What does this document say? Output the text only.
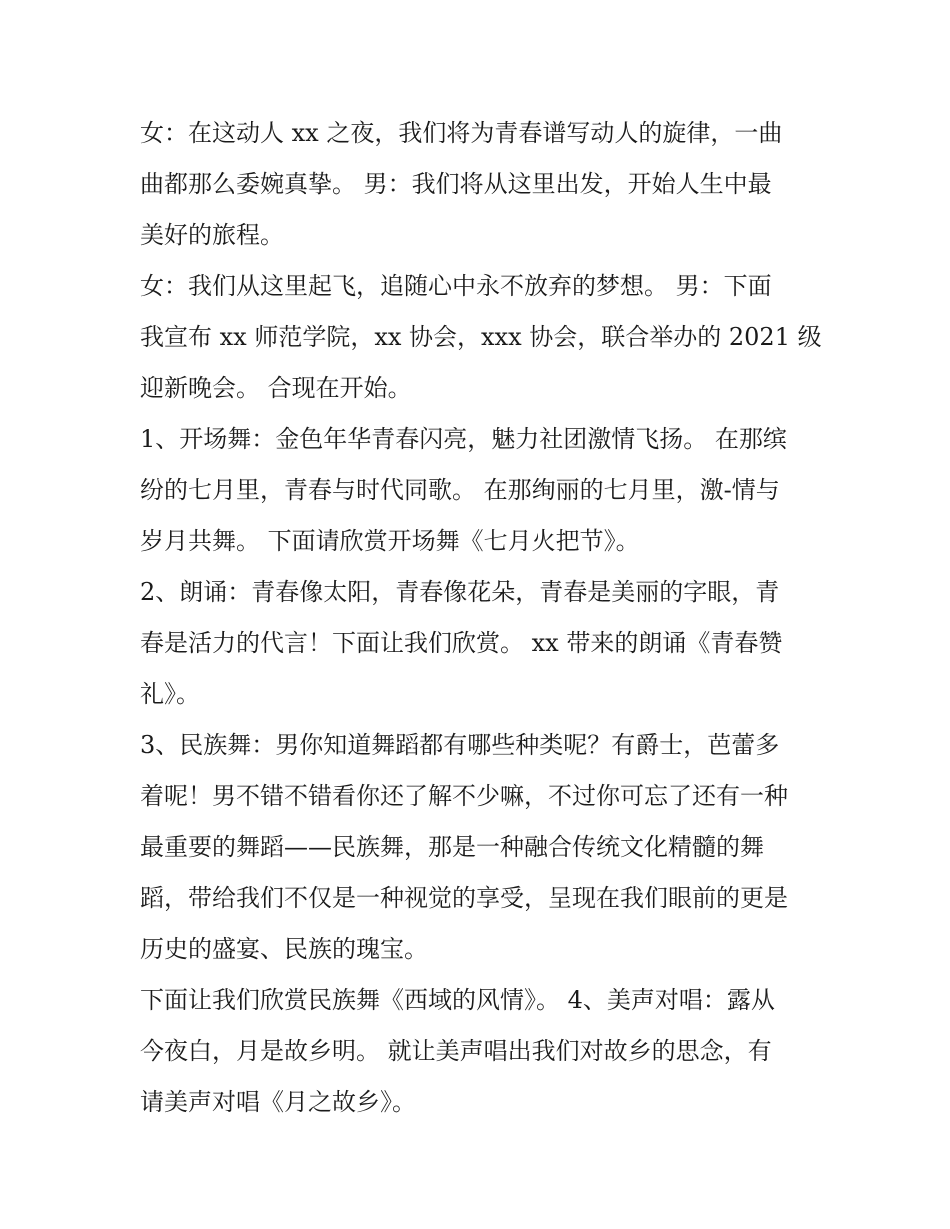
女：在这动人 xx 之夜，我们将为青春谱写动人的旋律，一曲
曲都那么委婉真挚。 男：我们将从这里出发，开始人生中最
美好的旅程。

女：我们从这里起飞，追随心中永不放弃的梦想。 男：下面
我宣布 xx 师范学院，xx 协会，xxx 协会，联合举办的 2021 级
迎新晚会。 合现在开始。

1、开场舞：金色年华青春闪亮，魅力社团激情飞扬。 在那缤
纷的七月里，青春与时代同歌。 在那绚丽的七月里，激-情与
岁月共舞。 下面请欣赏开场舞《七月火把节》。

2、朗诵：青春像太阳，青春像花朵，青春是美丽的字眼，青
春是活力的代言！下面让我们欣赏。 xx 带来的朗诵《青春赞
礼》。

3、民族舞：男你知道舞蹈都有哪些种类呢？有爵士，芭蕾多
着呢！男不错不错看你还了解不少嘛，不过你可忘了还有一种
最重要的舞蹈——民族舞，那是一种融合传统文化精髓的舞
蹈，带给我们不仅是一种视觉的享受，呈现在我们眼前的更是
历史的盛宴、民族的瑰宝。

下面让我们欣赏民族舞《西域的风情》。 4、美声对唱：露从
今夜白，月是故乡明。 就让美声唱出我们对故乡的思念，有
请美声对唱《月之故乡》。
